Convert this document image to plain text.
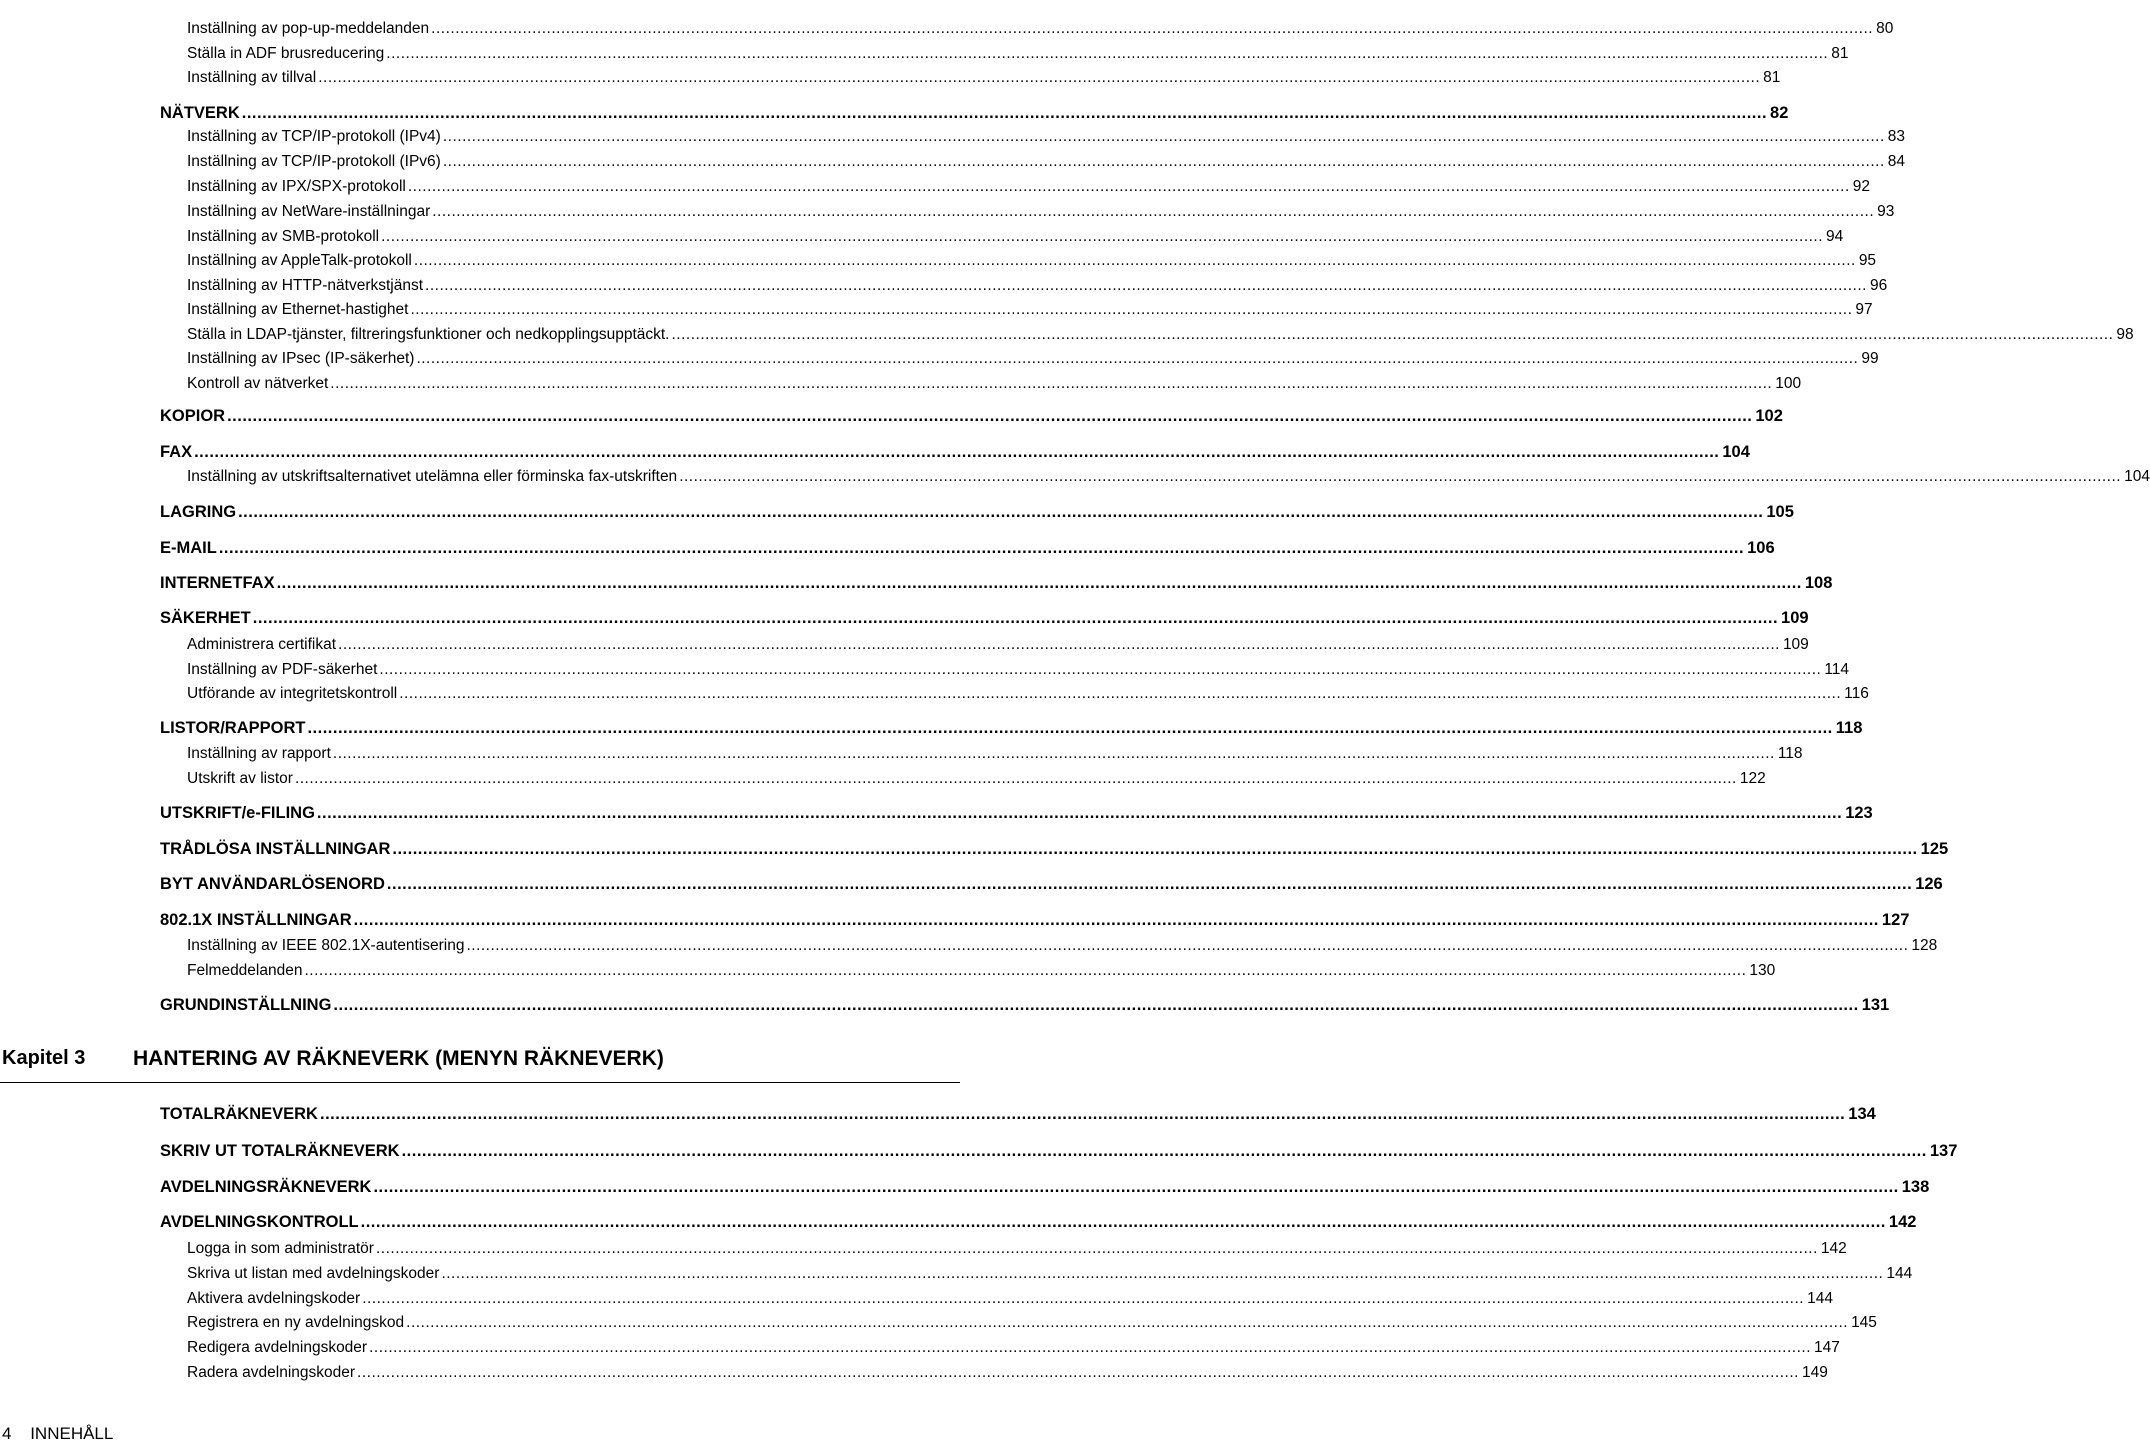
Inställning av pop-up-meddelanden ............................................................................................................................................................................................................................................................................................................ 80
Ställa in ADF brusreducering ............................................................................................................................................................................................................................................................................................................ 81
Inställning av tillval ............................................................................................................................................................................................................................................................................................................ 81
NÄTVERK ............................................................................................................................................................................................................................................................................................................ 82
Inställning av TCP/IP-protokoll (IPv4) ............................................................................................................................................................................................................................................................................................................ 83
Inställning av TCP/IP-protokoll (IPv6) ............................................................................................................................................................................................................................................................................................................ 84
Inställning av IPX/SPX-protokoll ............................................................................................................................................................................................................................................................................................................ 92
Inställning av NetWare-inställningar ............................................................................................................................................................................................................................................................................................................ 93
Inställning av SMB-protokoll ............................................................................................................................................................................................................................................................................................................ 94
Inställning av AppleTalk-protokoll ............................................................................................................................................................................................................................................................................................................ 95
Inställning av HTTP-nätverkstjänst ............................................................................................................................................................................................................................................................................................................ 96
Inställning av Ethernet-hastighet ............................................................................................................................................................................................................................................................................................................ 97
Ställa in LDAP-tjänster, filtreringsfunktioner och nedkopplingsupptäckt. ............................................................................................................................................................................................................................................................................................................ 98
Inställning av IPsec (IP-säkerhet) ............................................................................................................................................................................................................................................................................................................ 99
Kontroll av nätverket ............................................................................................................................................................................................................................................................................................................ 100
KOPIOR ............................................................................................................................................................................................................................................................................................................ 102
FAX ............................................................................................................................................................................................................................................................................................................ 104
Inställning av utskriftsalternativet utelämna eller förminska fax-utskriften ............................................................................................................................................................................................................................................................................................................ 104
LAGRING ............................................................................................................................................................................................................................................................................................................ 105
E-MAIL ............................................................................................................................................................................................................................................................................................................ 106
INTERNETFAX ............................................................................................................................................................................................................................................................................................................ 108
SÄKERHET ............................................................................................................................................................................................................................................................................................................ 109
Administrera certifikat ............................................................................................................................................................................................................................................................................................................ 109
Inställning av PDF-säkerhet ............................................................................................................................................................................................................................................................................................................ 114
Utförande av integritetskontroll ............................................................................................................................................................................................................................................................................................................ 116
LISTOR/RAPPORT ............................................................................................................................................................................................................................................................................................................ 118
Inställning av rapport ............................................................................................................................................................................................................................................................................................................ 118
Utskrift av listor ............................................................................................................................................................................................................................................................................................................ 122
UTSKRIFT/e-FILING ............................................................................................................................................................................................................................................................................................................ 123
TRÅDLÖSA INSTÄLLNINGAR ............................................................................................................................................................................................................................................................................................................ 125
BYT ANVÄNDARLÖSENORD ............................................................................................................................................................................................................................................................................................................ 126
802.1X INSTÄLLNINGAR ............................................................................................................................................................................................................................................................................................................ 127
Inställning av IEEE 802.1X-autentisering ............................................................................................................................................................................................................................................................................................................ 128
Felmeddelanden ............................................................................................................................................................................................................................................................................................................ 130
GRUNDINSTÄLLNING ............................................................................................................................................................................................................................................................................................................ 131
TOTALRÄKNEVERK ............................................................................................................................................................................................................................................................................................................ 134
SKRIV UT TOTALRÄKNEVERK ............................................................................................................................................................................................................................................................................................................ 137
AVDELNINGSRÄKNEVERK ............................................................................................................................................................................................................................................................................................................ 138
AVDELNINGSKONTROLL ............................................................................................................................................................................................................................................................................................................ 142
Logga in som administratör ............................................................................................................................................................................................................................................................................................................ 142
Skriva ut listan med avdelningskoder ............................................................................................................................................................................................................................................................................................................ 144
Aktivera avdelningskoder ............................................................................................................................................................................................................................................................................................................ 144
Registrera en ny avdelningskod ............................................................................................................................................................................................................................................................................................................ 145
Redigera avdelningskoder ............................................................................................................................................................................................................................................................................................................ 147
Radera avdelningskoder ............................................................................................................................................................................................................................................................................................................ 149
Kapitel 3 HANTERING AV RÄKNEVERK (MENYN RÄKNEVERK)
4 INNEHÅLL
